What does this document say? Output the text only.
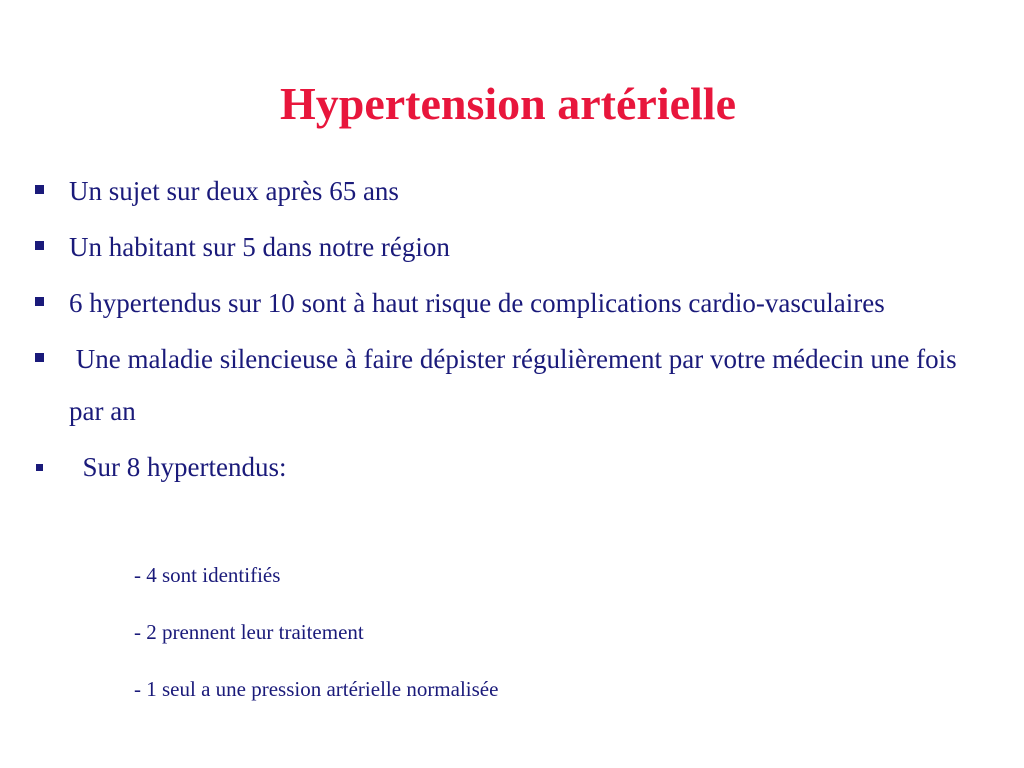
Hypertension artérielle
Un sujet sur deux après 65 ans
Un habitant sur 5 dans notre région
6 hypertendus sur 10 sont à haut risque de complications cardio-vasculaires
Une maladie silencieuse à faire dépister régulièrement par votre médecin une fois par an
Sur 8 hypertendus:

- 4 sont identifiés

- 2 prennent leur traitement

- 1 seul a une pression artérielle normalisée
